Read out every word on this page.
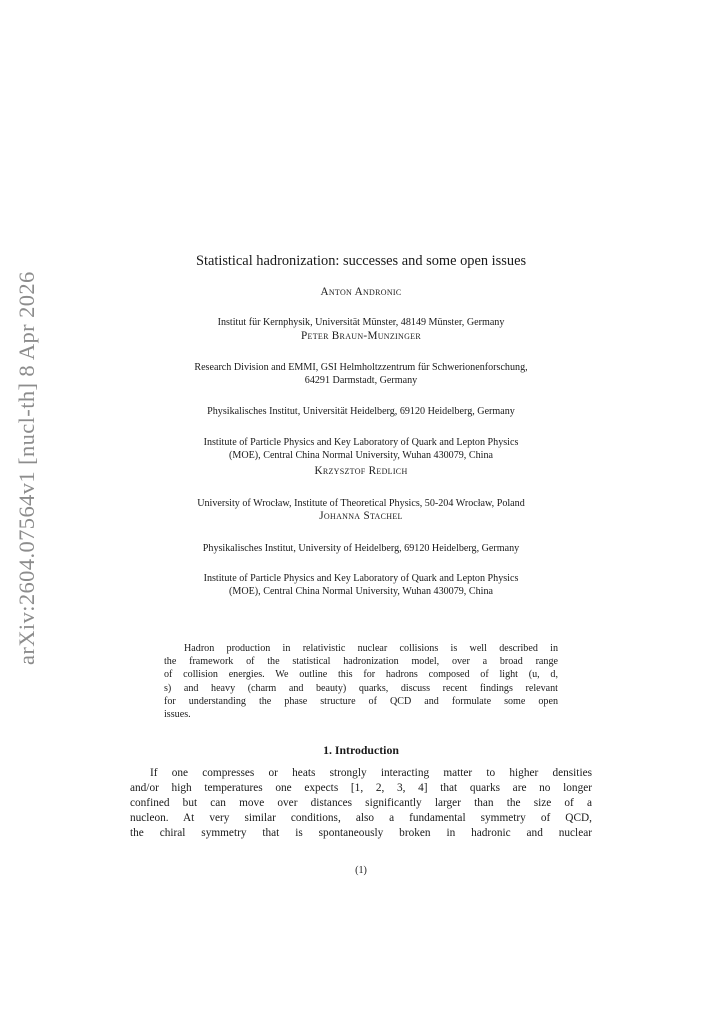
arXiv:2604.07564v1 [nucl-th] 8 Apr 2026

Statistical hadronization: successes and some open issues

Anton Andronic

Institut für Kernphysik, Universität Münster, 48149 Münster, Germany

Peter Braun-Munzinger

Research Division and EMMI, GSI Helmholtzzentrum für Schwerionenforschung,

64291 Darmstadt, Germany

Physikalisches Institut, Universität Heidelberg, 69120 Heidelberg, Germany

Institute of Particle Physics and Key Laboratory of Quark and Lepton Physics

(MOE), Central China Normal University, Wuhan 430079, China

Krzysztof Redlich

University of Wrocław, Institute of Theoretical Physics, 50-204 Wrocław, Poland

Johanna Stachel

Physikalisches Institut, University of Heidelberg, 69120 Heidelberg, Germany

Institute of Particle Physics and Key Laboratory of Quark and Lepton Physics

(MOE), Central China Normal University, Wuhan 430079, China

Hadron production in relativistic nuclear collisions is well described in
the framework of the statistical hadronization model, over a broad range
of collision energies. We outline this for hadrons composed of light (u, d,
s) and heavy (charm and beauty) quarks, discuss recent findings relevant
for understanding the phase structure of QCD and formulate some open
issues.

1. Introduction

If one compresses or heats strongly interacting matter to higher densities
and/or high temperatures one expects [1, 2, 3, 4] that quarks are no longer
confined but can move over distances significantly larger than the size of a
nucleon. At very similar conditions, also a fundamental symmetry of QCD,
the chiral symmetry that is spontaneously broken in hadronic and nuclear

(1)
